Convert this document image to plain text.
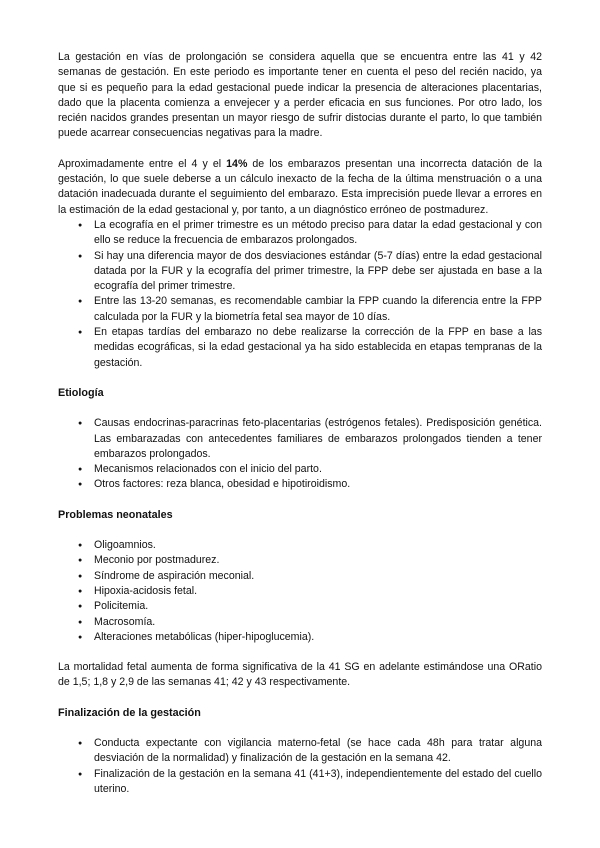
La gestación en vías de prolongación se considera aquella que se encuentra entre las 41 y 42 semanas de gestación. En este periodo es importante tener en cuenta el peso del recién nacido, ya que si es pequeño para la edad gestacional puede indicar la presencia de alteraciones placentarias, dado que la placenta comienza a envejecer y a perder eficacia en sus funciones. Por otro lado, los recién nacidos grandes presentan un mayor riesgo de sufrir distocias durante el parto, lo que también puede acarrear consecuencias negativas para la madre.

Aproximadamente entre el 4 y el 14% de los embarazos presentan una incorrecta datación de la gestación, lo que suele deberse a un cálculo inexacto de la fecha de la última menstruación o a una datación inadecuada durante el seguimiento del embarazo. Esta imprecisión puede llevar a errores en la estimación de la edad gestacional y, por tanto, a un diagnóstico erróneo de postmadurez.

● La ecografía en el primer trimestre es un método preciso para datar la edad gestacional y con ello se reduce la frecuencia de embarazos prolongados.
● Si hay una diferencia mayor de dos desviaciones estándar (5-7 días) entre la edad gestacional datada por la FUR y la ecografía del primer trimestre, la FPP debe ser ajustada en base a la ecografía del primer trimestre.
● Entre las 13-20 semanas, es recomendable cambiar la FPP cuando la diferencia entre la FPP calculada por la FUR y la biometría fetal sea mayor de 10 días.
● En etapas tardías del embarazo no debe realizarse la corrección de la FPP en base a las medidas ecográficas, si la edad gestacional ya ha sido establecida en etapas tempranas de la gestación.
Etiología
● Causas endocrinas-paracrinas feto-placentarias (estrógenos fetales). Predisposición genética. Las embarazadas con antecedentes familiares de embarazos prolongados tienden a tener embarazos prolongados.
● Mecanismos relacionados con el inicio del parto.
● Otros factores: reza blanca, obesidad e hipotiroidismo.
Problemas neonatales
● Oligoamnios.
● Meconio por postmadurez.
● Síndrome de aspiración meconial.
● Hipoxia-acidosis fetal.
● Policitemia.
● Macrosomía.
● Alteraciones metabólicas (hiper-hipoglucemia).

La mortalidad fetal aumenta de forma significativa de la 41 SG en adelante estimándose una ORatio de 1,5; 1,8 y 2,9 de las semanas 41; 42 y 43 respectivamente.

Finalización de la gestación
● Conducta expectante con vigilancia materno-fetal (se hace cada 48h para tratar alguna desviación de la normalidad) y finalización de la gestación en la semana 42.
● Finalización de la gestación en la semana 41 (41+3), independientemente del estado del cuello uterino.
